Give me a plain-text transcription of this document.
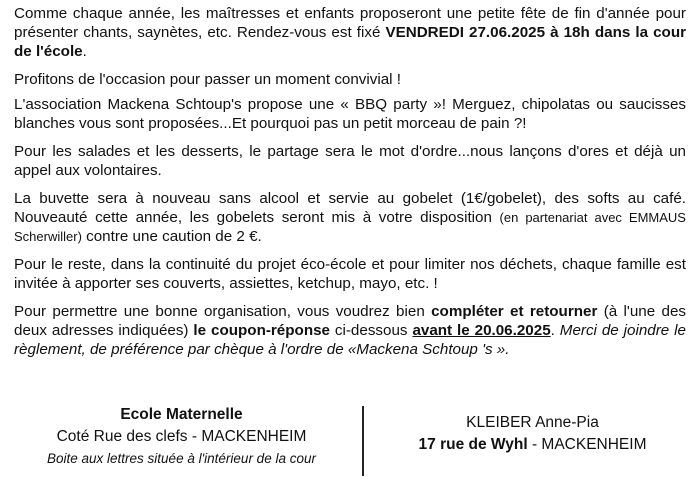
Comme chaque année, les maîtresses et enfants proposeront une petite fête de fin d'année pour présenter chants, saynètes, etc. Rendez-vous est fixé VENDREDI 27.06.2025 à 18h dans la cour de l'école.

Profitons de l'occasion pour passer un moment convivial !

L'association Mackena Schtoup's propose une « BBQ party »! Merguez, chipolatas ou saucisses blanches vous sont proposées...Et pourquoi pas un petit morceau de pain ?!

Pour les salades et les desserts, le partage sera le mot d'ordre...nous lançons d'ores et déjà un appel aux volontaires.

La buvette sera à nouveau sans alcool et servie au gobelet (1€/gobelet), des softs au café. Nouveauté cette année, les gobelets seront mis à votre disposition (en partenariat avec EMMAUS Scherwiller) contre une caution de 2 €.

Pour le reste, dans la continuité du projet éco-école et pour limiter nos déchets, chaque famille est invitée à apporter ses couverts, assiettes, ketchup, mayo, etc. !

Pour permettre une bonne organisation, vous voudrez bien compléter et retourner (à l'une des deux adresses indiquées) le coupon-réponse ci-dessous avant le 20.06.2025. Merci de joindre le règlement, de préférence par chèque à l'ordre de «Mackena Schtoup 's ».

Ecole Maternelle
Coté Rue des clefs - MACKENHEIM
Boite aux lettres située à l'intérieur de la cour
KLEIBER Anne-Pia
17 rue de Wyhl - MACKENHEIM
